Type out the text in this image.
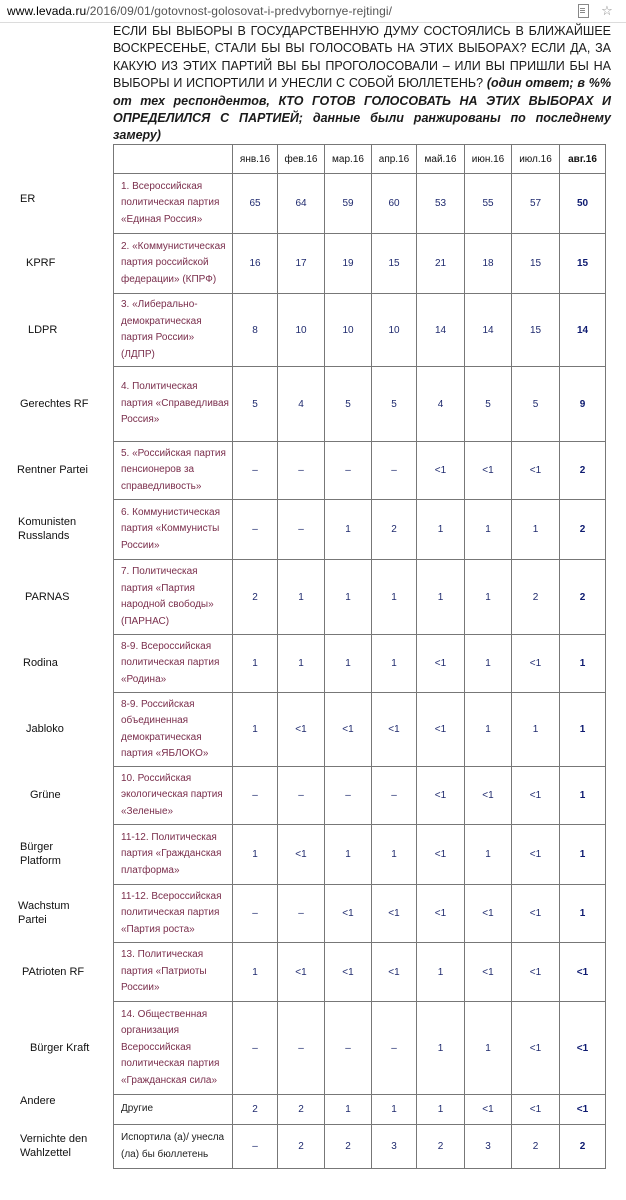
www.levada.ru/2016/09/01/gotovnost-golosovat-i-predvybornye-rejtingi/	☆
ЕСЛИ БЫ ВЫБОРЫ В ГОСУДАРСТВЕННУЮ ДУМУ СОСТОЯЛИСЬ В БЛИЖАЙШЕЕ ВОСКРЕСЕНЬЕ, СТАЛИ БЫ ВЫ ГОЛОСОВАТЬ НА ЭТИХ ВЫБОРАХ? ЕСЛИ ДА, ЗА КАКУЮ ИЗ ЭТИХ ПАРТИЙ ВЫ БЫ ПРОГОЛОСОВАЛИ – ИЛИ ВЫ ПРИШЛИ БЫ НА ВЫБОРЫ И ИСПОРТИЛИ И УНЕСЛИ С СОБОЙ БЮЛЛЕТЕНЬ? (один ответ; в %% от тех респондентов, КТО ГОТОВ ГОЛОСОВАТЬ НА ЭТИХ ВЫБОРАХ И ОПРЕДЕЛИЛСЯ С ПАРТИЕЙ; данные были ранжированы по последнему замеру)
ER
KPRF
LDPR
Gerechtes RF
Rentner Partei
Komunisten Russlands
PARNAS
Rodina
Jabloko
Grüne
Bürger Platform
Wachstum Partei
PAtrioten RF
Bürger Kraft
Andere
Vernichte den Wahlzettel
	янв.16	фев.16	мар.16	апр.16	май.16	июн.16	июл.16	авг.16
1. Всероссийская политическая партия «Единая Россия»	65	64	59	60	53	55	57	50
2. «Коммунистическая партия российской федерации» (КПРФ)	16	17	19	15	21	18	15	15
3. «Либерально-демократическая партия России» (ЛДПР)	8	10	10	10	14	14	15	14
4. Политическая партия «Справедливая Россия»	5	4	5	5	4	5	5	9
5. «Российская партия пенсионеров за справедливость»	–	–	–	–	<1	<1	<1	2
6. Коммунистическая партия «Коммунисты России»	–	–	1	2	1	1	1	2
7. Политическая партия «Партия народной свободы» (ПАРНАС)	2	1	1	1	1	1	2	2
8-9. Всероссийская политическая партия «Родина»	1	1	1	1	<1	1	<1	1
8-9. Российская объединенная демократическая партия «ЯБЛОКО»	1	<1	<1	<1	<1	1	1	1
10. Российская экологическая партия «Зеленые»	–	–	–	–	<1	<1	<1	1
11-12. Политическая партия «Гражданская платформа»	1	<1	1	1	<1	1	<1	1
11-12. Всероссийская политическая партия «Партия роста»	–	–	<1	<1	<1	<1	<1	1
13. Политическая партия «Патриоты России»	1	<1	<1	<1	1	<1	<1	<1
14. Общественная организация Всероссийская политическая партия «Гражданская сила»	–	–	–	–	1	1	<1	<1
Другие	2	2	1	1	1	<1	<1	<1
Испортила (а)/ унесла (ла) бы бюллетень	–	2	2	3	2	3	2	2
